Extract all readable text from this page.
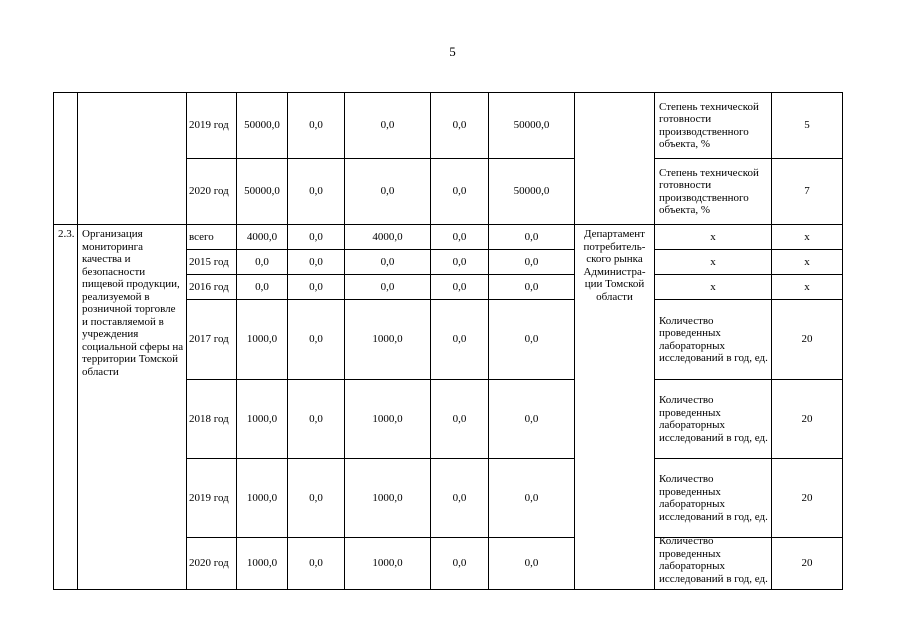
5
		2019 год	50000,0	0,0	0,0	0,0	50000,0		Степень технической готовности производственного объекта, %	5
		2020 год	50000,0	0,0	0,0	0,0	50000,0		Степень технической готовности производственного объекта, %	7
2.3.	Организация мониторинга качества и безопасности пищевой продукции, реализуемой в розничной торговле и поставляемой в учреждения социальной сферы на территории Томской области	всего	4000,0	0,0	4000,0	0,0	0,0	Департамент потребитель-ского рынка Администра-ции Томской области	х	х
		2015 год	0,0	0,0	0,0	0,0	0,0		х	х
		2016 год	0,0	0,0	0,0	0,0	0,0		х	х
		2017 год	1000,0	0,0	1000,0	0,0	0,0		Количество проведенных лабораторных исследований в год, ед.	20
		2018 год	1000,0	0,0	1000,0	0,0	0,0		Количество проведенных лабораторных исследований в год, ед.	20
		2019 год	1000,0	0,0	1000,0	0,0	0,0		Количество проведенных лабораторных исследований в год, ед.	20
		2020 год	1000,0	0,0	1000,0	0,0	0,0		Количество проведенных лабораторных исследований в год, ед.	20
